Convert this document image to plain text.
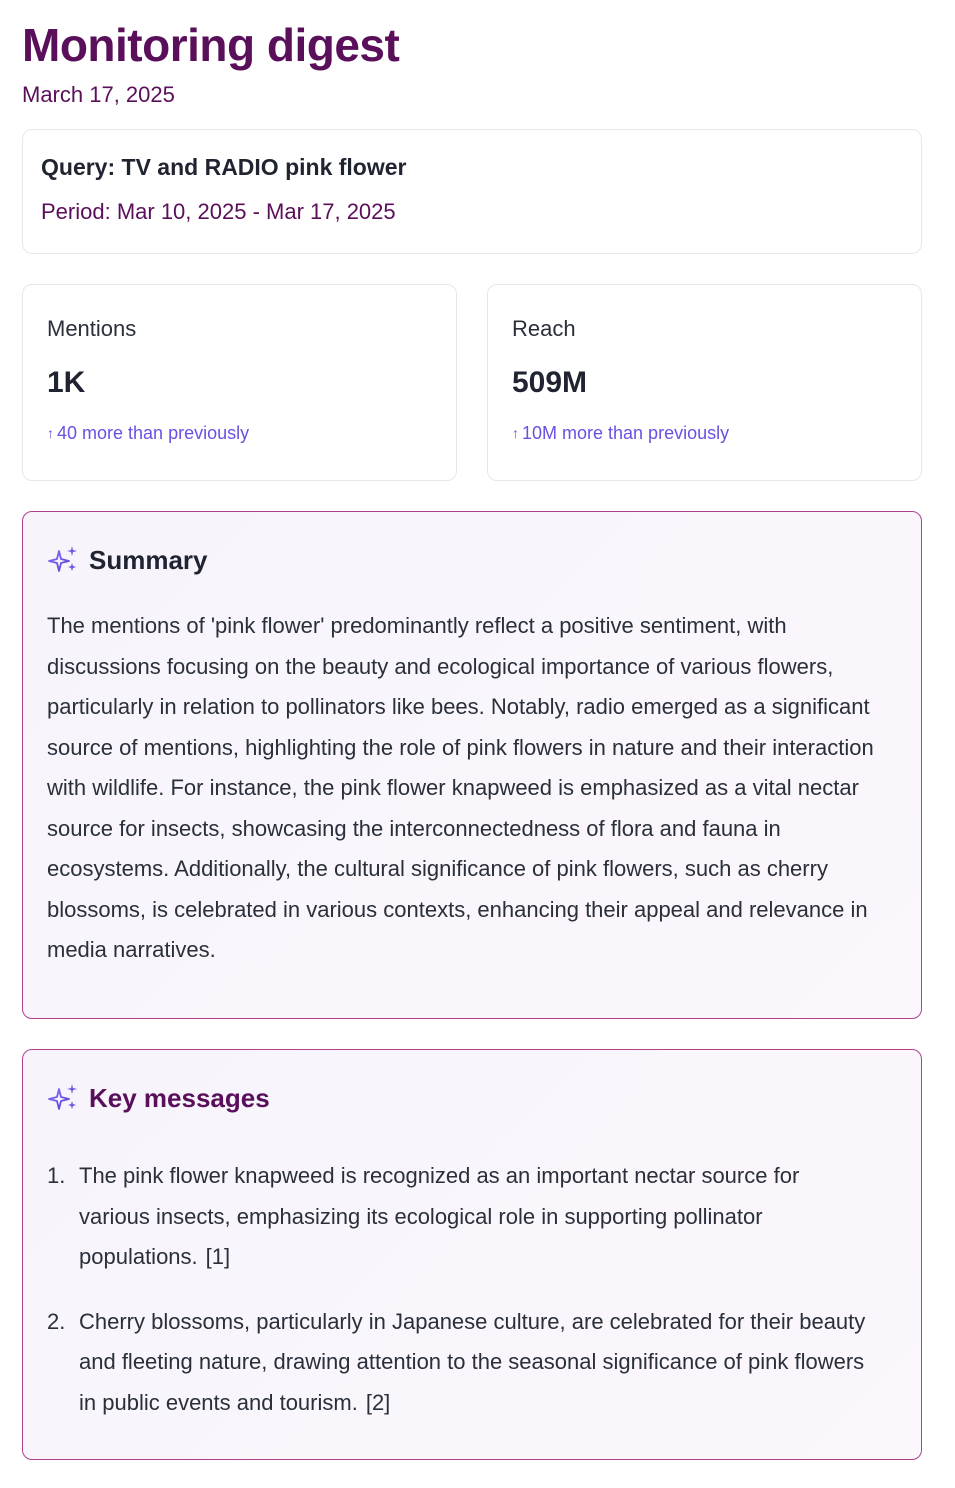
Monitoring digest
March 17, 2025
Query: TV and RADIO pink flower
Period: Mar 10, 2025 - Mar 17, 2025
Mentions
1K
↑ 40 more than previously
Reach
509M
↑ 10M more than previously
Summary
The mentions of 'pink flower' predominantly reflect a positive sentiment, with discussions focusing on the beauty and ecological importance of various flowers, particularly in relation to pollinators like bees. Notably, radio emerged as a significant source of mentions, highlighting the role of pink flowers in nature and their interaction with wildlife. For instance, the pink flower knapweed is emphasized as a vital nectar source for insects, showcasing the interconnectedness of flora and fauna in ecosystems. Additionally, the cultural significance of pink flowers, such as cherry blossoms, is celebrated in various contexts, enhancing their appeal and relevance in media narratives.
Key messages
1. The pink flower knapweed is recognized as an important nectar source for various insects, emphasizing its ecological role in supporting pollinator populations. [1]
2. Cherry blossoms, particularly in Japanese culture, are celebrated for their beauty and fleeting nature, drawing attention to the seasonal significance of pink flowers in public events and tourism. [2]
